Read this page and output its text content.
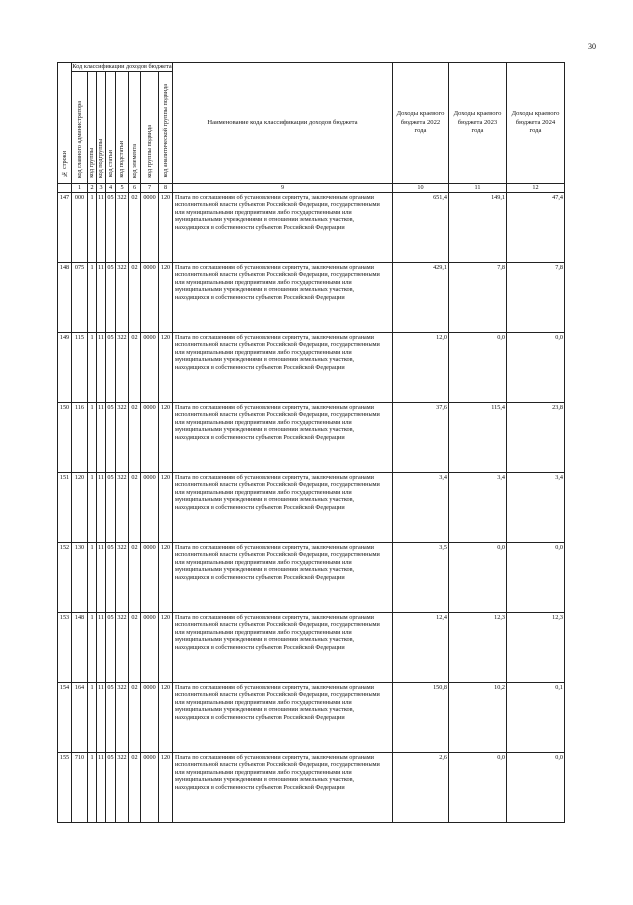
30
№ строки	Код классификации доходов бюджета								Наименование кода классификации доходов бюджета	Доходы краевого бюджета 2022 года	Доходы краевого бюджета 2023 года	Доходы краевого бюджета 2024 года
	код главного администратора	код группы	код подгруппы	код статьи	код подстатьи	код элемента	код группы подвида	код аналитической группы подвида				
	1	2	3	4	5	6	7	8	9	10	11	12
147	000	1	11	05	322	02	0000	120	Плата по соглашениям об установлении сервитута, заключенным органами исполнительной власти субъектов Российской Федерации, государственными или муниципальными предприятиями либо государственными или муниципальными учреждениями в отношении земельных участков, находящихся в собственности субъектов Российской Федерации	651,4	149,1	47,4
148	075	1	11	05	322	02	0000	120	Плата по соглашениям об установлении сервитута, заключенным органами исполнительной власти субъектов Российской Федерации, государственными или муниципальными предприятиями либо государственными или муниципальными учреждениями в отношении земельных участков, находящихся в собственности субъектов Российской Федерации	429,1	7,8	7,8
149	115	1	11	05	322	02	0000	120	Плата по соглашениям об установлении сервитута, заключенным органами исполнительной власти субъектов Российской Федерации, государственными или муниципальными предприятиями либо государственными или муниципальными учреждениями в отношении земельных участков, находящихся в собственности субъектов Российской Федерации	12,0	0,0	0,0
150	116	1	11	05	322	02	0000	120	Плата по соглашениям об установлении сервитута, заключенным органами исполнительной власти субъектов Российской Федерации, государственными или муниципальными предприятиями либо государственными или муниципальными учреждениями в отношении земельных участков, находящихся в собственности субъектов Российской Федерации	37,6	115,4	23,8
151	120	1	11	05	322	02	0000	120	Плата по соглашениям об установлении сервитута, заключенным органами исполнительной власти субъектов Российской Федерации, государственными или муниципальными предприятиями либо государственными или муниципальными учреждениями в отношении земельных участков, находящихся в собственности субъектов Российской Федерации	3,4	3,4	3,4
152	130	1	11	05	322	02	0000	120	Плата по соглашениям об установлении сервитута, заключенным органами исполнительной власти субъектов Российской Федерации, государственными или муниципальными предприятиями либо государственными или муниципальными учреждениями в отношении земельных участков, находящихся в собственности субъектов Российской Федерации	3,5	0,0	0,0
153	148	1	11	05	322	02	0000	120	Плата по соглашениям об установлении сервитута, заключенным органами исполнительной власти субъектов Российской Федерации, государственными или муниципальными предприятиями либо государственными или муниципальными учреждениями в отношении земельных участков, находящихся в собственности субъектов Российской Федерации	12,4	12,3	12,3
154	164	1	11	05	322	02	0000	120	Плата по соглашениям об установлении сервитута, заключенным органами исполнительной власти субъектов Российской Федерации, государственными или муниципальными предприятиями либо государственными или муниципальными учреждениями в отношении земельных участков, находящихся в собственности субъектов Российской Федерации	150,8	10,2	0,1
155	710	1	11	05	322	02	0000	120	Плата по соглашениям об установлении сервитута, заключенным органами исполнительной власти субъектов Российской Федерации, государственными или муниципальными предприятиями либо государственными или муниципальными учреждениями в отношении земельных участков, находящихся в собственности субъектов Российской Федерации	2,6	0,0	0,0
